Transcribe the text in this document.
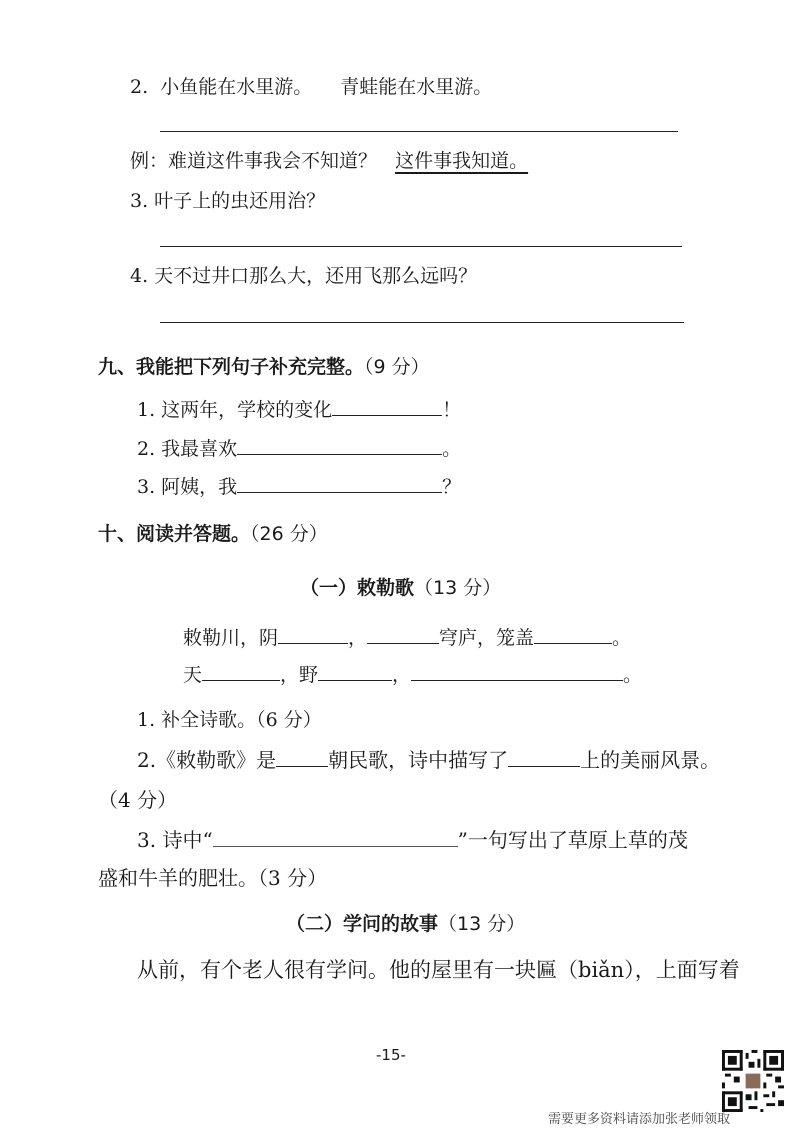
2. 小鱼能在水里游。 青蛙能在水里游。
例：难道这件事我会不知道？ 这件事我知道。
3. 叶子上的虫还用治？
4. 天不过井口那么大，还用飞那么远吗？
九、我能把下列句子补充完整。（9 分）
1. 这两年，学校的变化	！
2. 我最喜欢	。
3. 阿姨，我	？
十、阅读并答题。（26 分）
（一）敕勒歌（13 分）
敕勒川，阴	，	穹庐，笼盖	。
天	，野	，	。
1. 补全诗歌。（6 分）
2.《敕勒歌》是	朝民歌，诗中描写了	上的美丽风景。
（4 分）
3. 诗中“	”一句写出了草原上草的茂
盛和牛羊的肥壮。（3 分）
（二）学问的故事（13 分）
从前，有个老人很有学问。他的屋里有一块匾（biǎn），上面写着
-15-
需要更多资料请添加张老师领取
